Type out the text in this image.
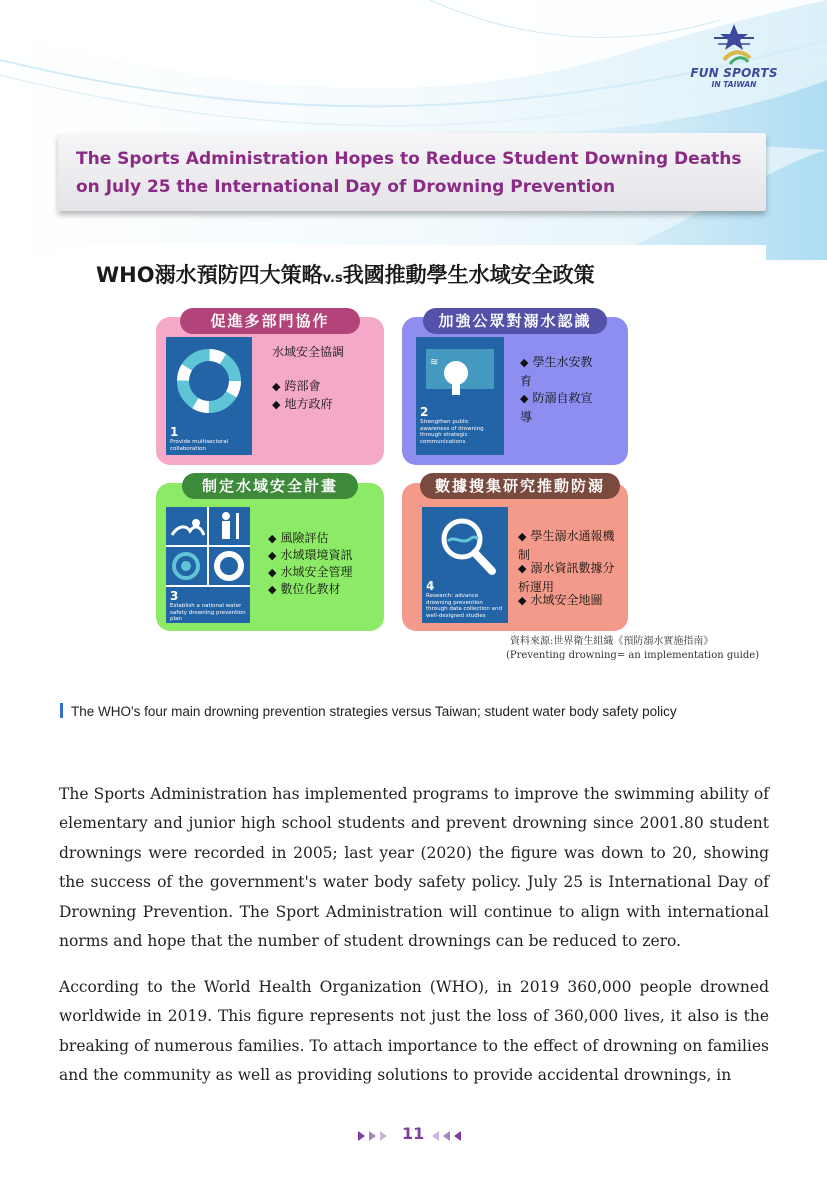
FUN SPORTS
IN TAIWAN
The Sports Administration Hopes to Reduce Student Downing Deaths
on July 25 the International Day of Drowning Prevention
WHO溺水預防四大策略v.s我國推動學生水域安全政策
促進多部門協作
1
Provide multisectoral collaboration
水域安全協調
◆ 跨部會
◆ 地方政府
加強公眾對溺水認識
≋
2
Strengthen public awareness of drowning through strategic communications
◆ 學生水安教育
◆ 防溺自救宣導
制定水域安全計畫
3
Establish a national water safety drowning prevention plan
◆ 風險評估
◆ 水域環境資訊
◆ 水域安全管理
◆ 數位化教材
數據搜集研究推動防溺
4
Research: advance drowning prevention through data collection and well-designed studies
◆ 學生溺水通報機制
◆ 溺水資訊數據分析運用
◆ 水域安全地圖
資料來源:世界衛生組織《預防溺水實施指南》
(Preventing drowning= an implementation guide)
The WHO's four main drowning prevention strategies versus Taiwan; student water body safety policy

The Sports Administration has implemented programs to improve the swimming ability of elementary and junior high school students and prevent drowning since 2001.80 student drownings were recorded in 2005; last year (2020) the figure was down to 20, showing the success of the government's water body safety policy. July 25 is International Day of Drowning Prevention. The Sport Administration will continue to align with international norms and hope that the number of student drownings can be reduced to zero.

According to the World Health Organization (WHO), in 2019 360,000 people drowned worldwide in 2019. This figure represents not just the loss of 360,000 lives, it also is the breaking of numerous families. To attach importance to the effect of drowning on families and the community as well as providing solutions to provide accidental drownings, in

11
